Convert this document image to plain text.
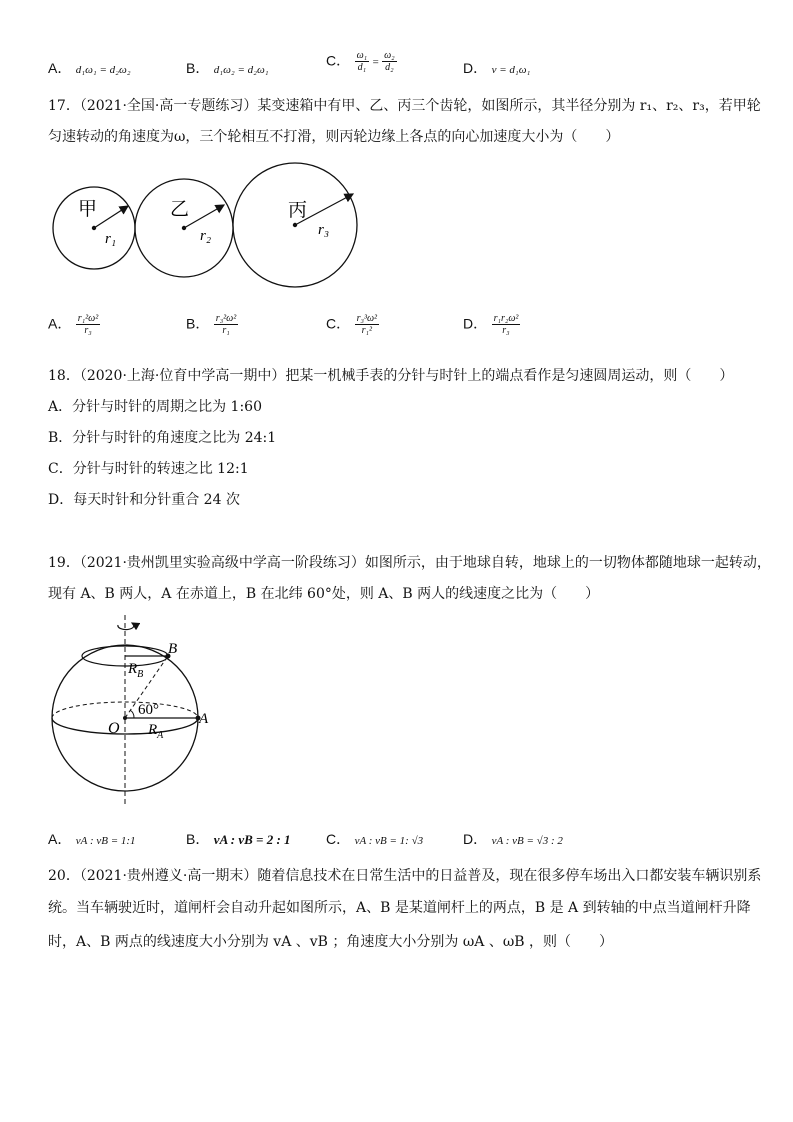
A． d₁ω₁ = d₂ω₂	B． d₁ω₂ = d₂ω₁
C． $\frac{\text{ω₁}}{\text{d₁}} = \frac{\text{ω₂}}{\text{d₂}}$	D． v = d₁ω₁
17．（2021·全国·高一专题练习）某变速箱中有甲、乙、丙三个齿轮，如图所示，其半径分别为 r₁、r₂、r₃，若甲轮
匀速转动的角速度为ω，三个轮相互不打滑，则丙轮边缘上各点的向心加速度大小为（　　）
甲
r₁
乙
r₂
丙
r₃
A． $\frac{\text{r₁²ω²}}{\text{r₃}}$	B． $\frac{\text{r₃²ω²}}{\text{r₁}}$	C． $\frac{\text{r₃³ω²}}{\text{r₁²}}$	D． $\frac{\text{r₁r₂ω²}}{\text{r₃}}$
18．（2020·上海·位育中学高一期中）把某一机械手表的分针与时针上的端点看作是匀速圆周运动，则（　　）
A．分针与时针的周期之比为 1:60
B．分针与时针的角速度之比为 24:1
C．分针与时针的转速之比 12:1
D．每天时针和分针重合 24 次
19．（2021·贵州凯里实验高级中学高一阶段练习）如图所示，由于地球自转，地球上的一切物体都随地球一起转动，
现有 A、B 两人，A 在赤道上，B 在北纬 60°处，则 A、B 两人的线速度之比为（　　）
B
$R_B$
60°
O $R_A$
A
A． vA : vB = 1:1	B． vA : vB = 2 : 1	C． vA : vB = 1: √3	D． vA : vB = √3 : 2
20．（2021·贵州遵义·高一期末）随着信息技术在日常生活中的日益普及，现在很多停车场出入口都安装车辆识别系
统。当车辆驶近时，道闸杆会自动升起如图所示，A、B 是某道闸杆上的两点，B 是 A 到转轴的中点当道闸杆升降
时，A、B 两点的线速度大小分别为 vA 、vB ；角速度大小分别为 ωA 、ωB ，则（　　）
